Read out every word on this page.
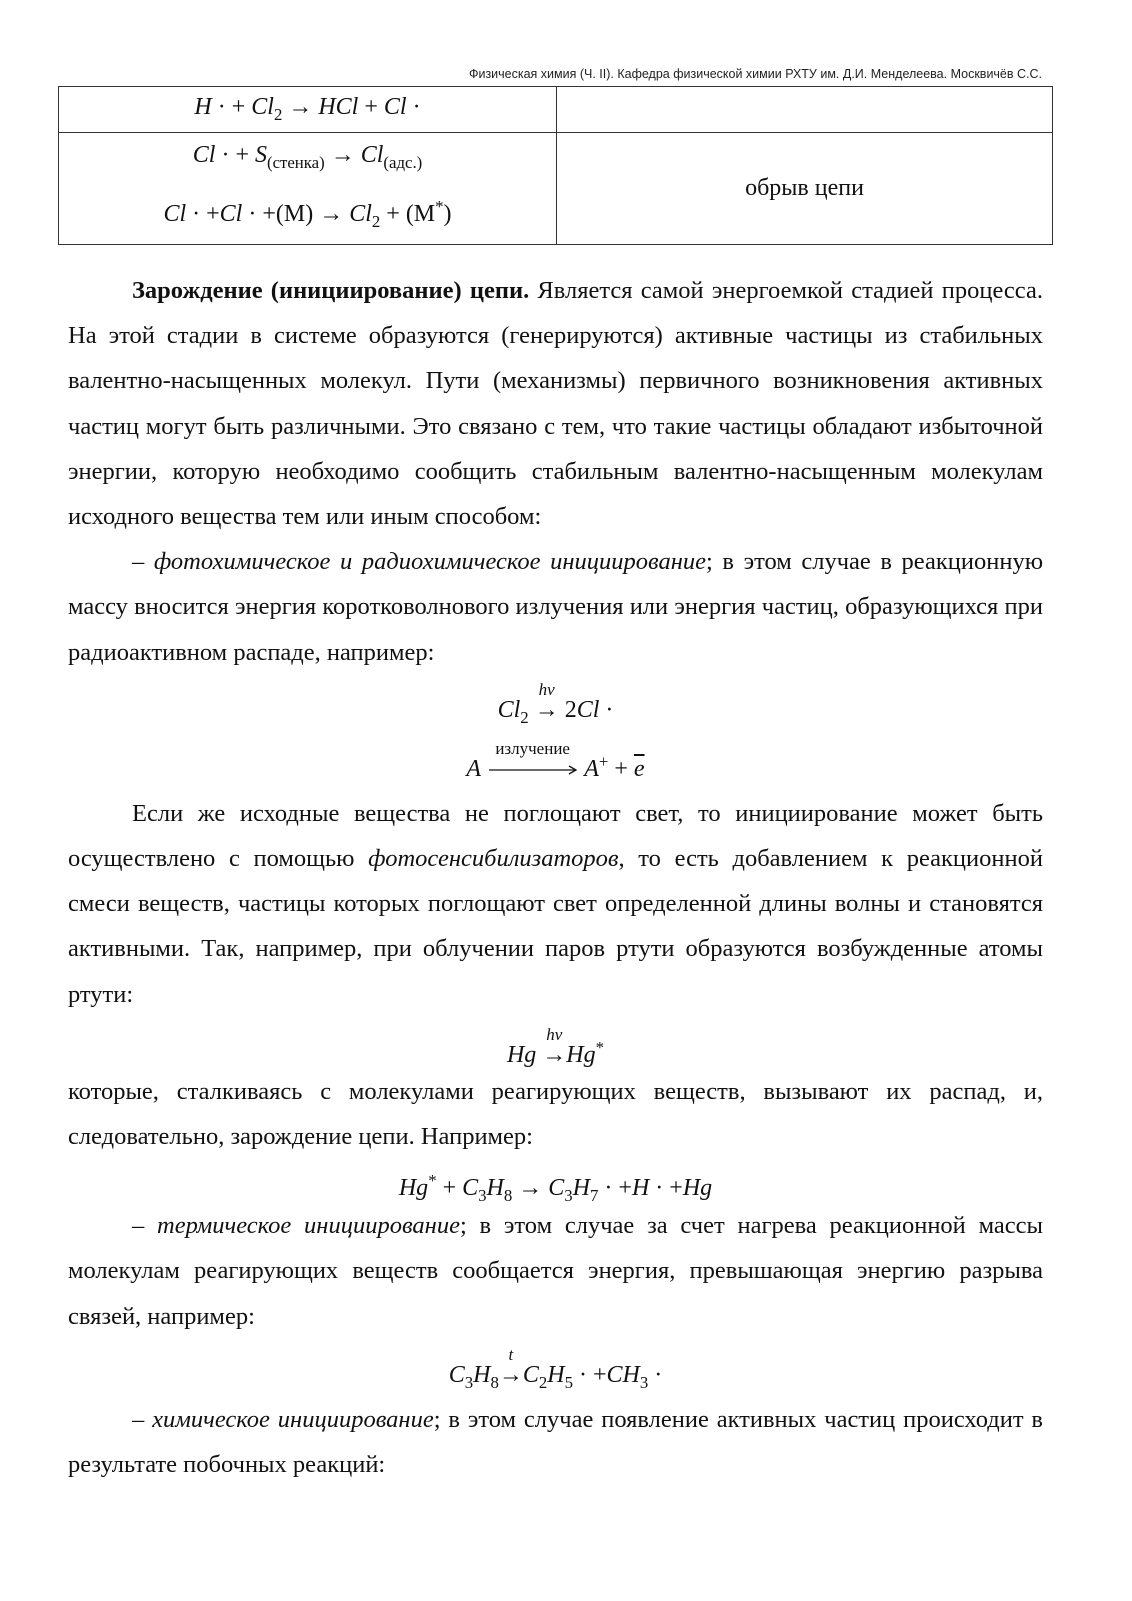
Физическая химия (Ч. II). Кафедра физической химии РХТУ им. Д.И. Менделеева. Москвичёв С.С.
H · + $Cl_2$ → HCl + Cl ·	

Cl · + $S_{(стенка)} \to Cl_{(адс.)}$
$Cl \cdot +Cl \cdot +(M) \to Cl_2 + (M^*)$	обрыв цепи

Зарождение (инициирование) цепи. Является самой энергоемкой стадией процесса. На этой стадии в системе образуются (генерируются) активные частицы из стабильных валентно-насыщенных молекул. Пути (механизмы) первичного возникновения активных частиц могут быть различными. Это связано с тем, что такие частицы обладают избыточной энергии, которую необходимо сообщить стабильным валентно-насыщенным молекулам исходного вещества тем или иным способом:

– фотохимическое и радиохимическое инициирование; в этом случае в реакционную массу вносится энергия коротковолнового излучения или энергия частиц, образующихся при радиоактивном распаде, например:

$Cl_2$
hν
→ 2Cl ·
A
излучение
$A^+ + \overline{e}$

Если же исходные вещества не поглощают свет, то инициирование может быть осуществлено с помощью фотосенсибилизаторов, то есть добавлением к реакционной смеси веществ, частицы которых поглощают свет определенной длины волны и становятся активными. Так, например, при облучении паров ртути образуются возбужденные атомы ртути:

Hg
hν
→Hg*

которые, сталкиваясь с молекулами реагирующих веществ, вызывают их распад, и, следовательно, зарождение цепи. Например:

$Hg^* + C_3H_8 \to C_3H_7 \cdot +H \cdot +Hg$

– термическое инициирование; в этом случае за счет нагрева реакционной массы молекулам реагирующих веществ сообщается энергия, превышающая энергию разрыва связей, например:

$C_3H_8$
t
$\to C_2H_5 \cdot +CH_3$ ·

– химическое инициирование; в этом случае появление активных частиц происходит в результате побочных реакций:
